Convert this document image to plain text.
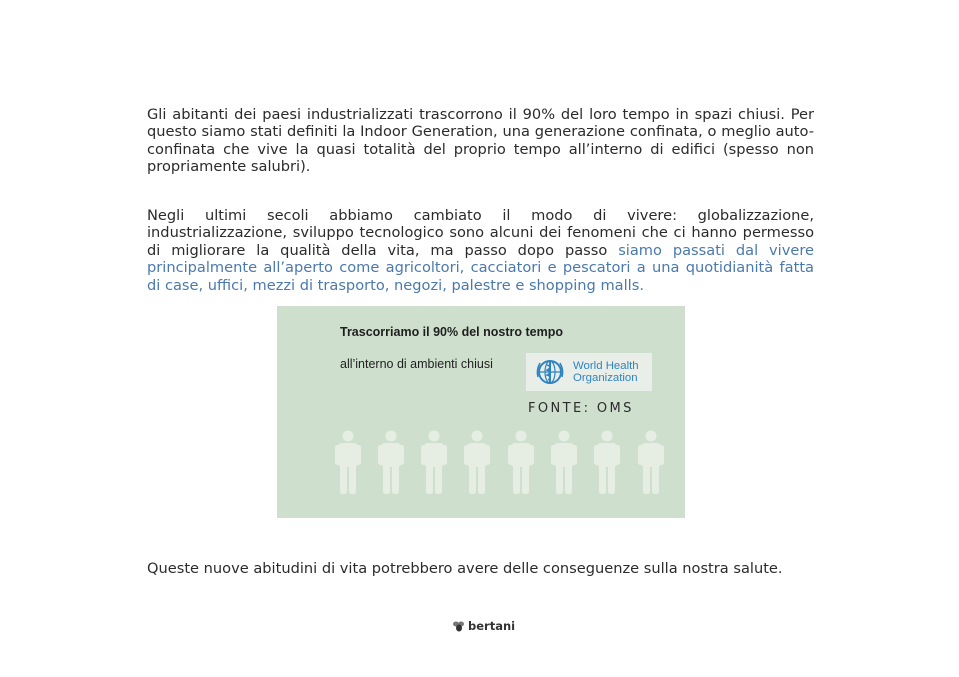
Gli abitanti dei paesi industrializzati trascorrono il 90% del loro tempo in spazi chiusi. Per questo siamo stati definiti la Indoor Generation, una generazione confinata, o meglio auto-confinata che vive la quasi totalità del proprio tempo all’interno di edifici (spesso non propriamente salubri).

Negli ultimi secoli abbiamo cambiato il modo di vivere: globalizzazione, industrializzazione, sviluppo tecnologico sono alcuni dei fenomeni che ci hanno permesso di migliorare la qualità della vita, ma passo dopo passo siamo passati dal vivere principalmente all’aperto come agricoltori, cacciatori e pescatori a una quotidianità fatta di case, uffici, mezzi di trasporto, negozi, palestre e shopping malls.

Trascorriamo il 90% del nostro tempo
all’interno di ambienti chiusi	World Health
Organization
FONTE: OMS

Queste nuove abitudini di vita potrebbero avere delle conseguenze sulla nostra salute.

bertani
